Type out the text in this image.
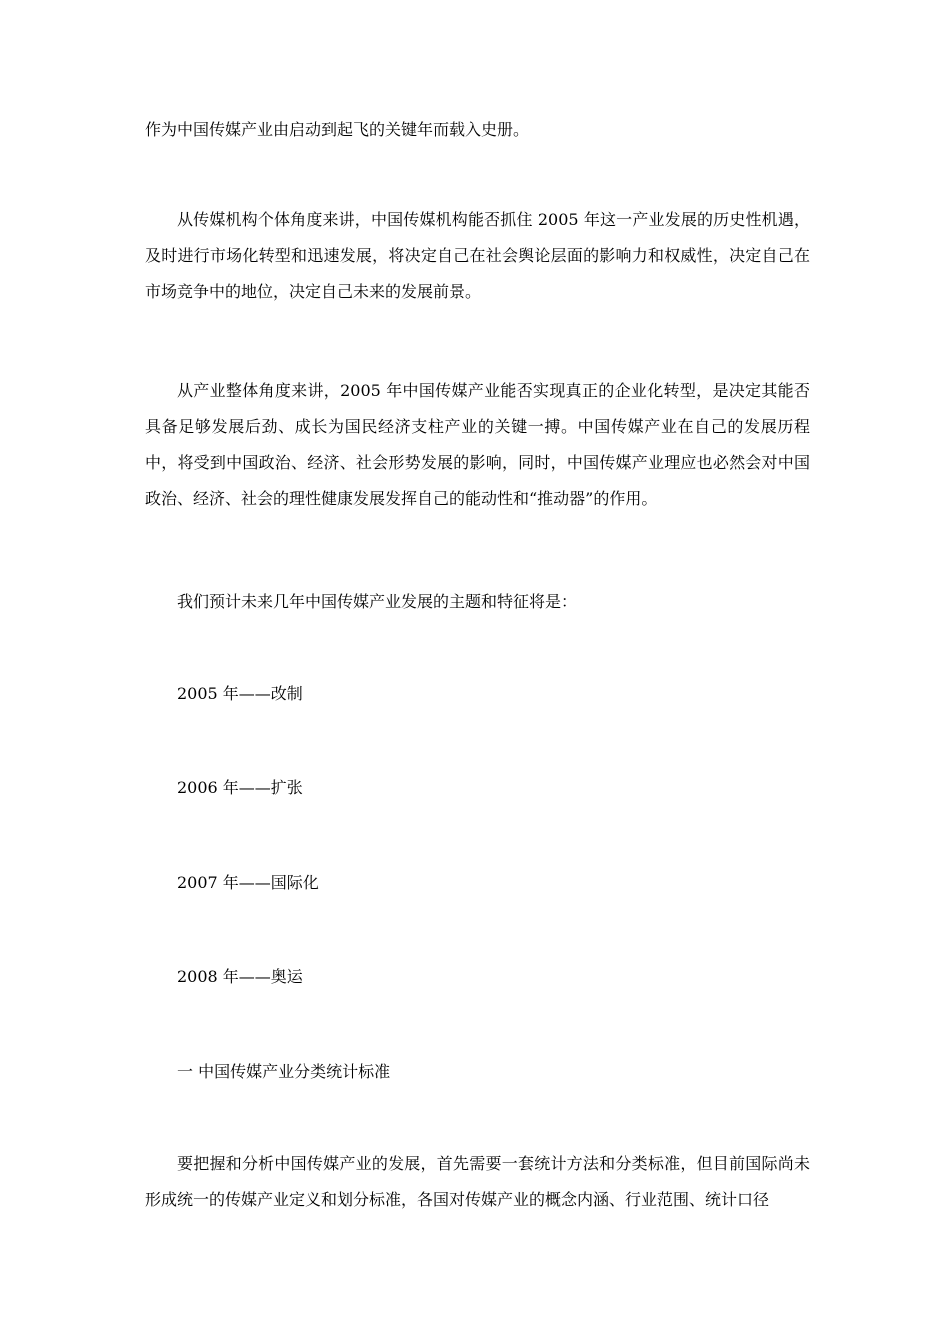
作为中国传媒产业由启动到起飞的关键年而载入史册。
从传媒机构个体角度来讲，中国传媒机构能否抓住 2005 年这一产业发展的历史性机遇，及时进行市场化转型和迅速发展，将决定自己在社会舆论层面的影响力和权威性，决定自己在市场竞争中的地位，决定自己未来的发展前景。
从产业整体角度来讲，2005 年中国传媒产业能否实现真正的企业化转型，是决定其能否具备足够发展后劲、成长为国民经济支柱产业的关键一搏。中国传媒产业在自己的发展历程中，将受到中国政治、经济、社会形势发展的影响，同时，中国传媒产业理应也必然会对中国政治、经济、社会的理性健康发展发挥自己的能动性和“推动器”的作用。
我们预计未来几年中国传媒产业发展的主题和特征将是：
2005 年——改制
2006 年——扩张
2007 年——国际化
2008 年——奥运
一 中国传媒产业分类统计标准
要把握和分析中国传媒产业的发展，首先需要一套统计方法和分类标准，但目前国际尚未形成统一的传媒产业定义和划分标准，各国对传媒产业的概念内涵、行业范围、统计口径
